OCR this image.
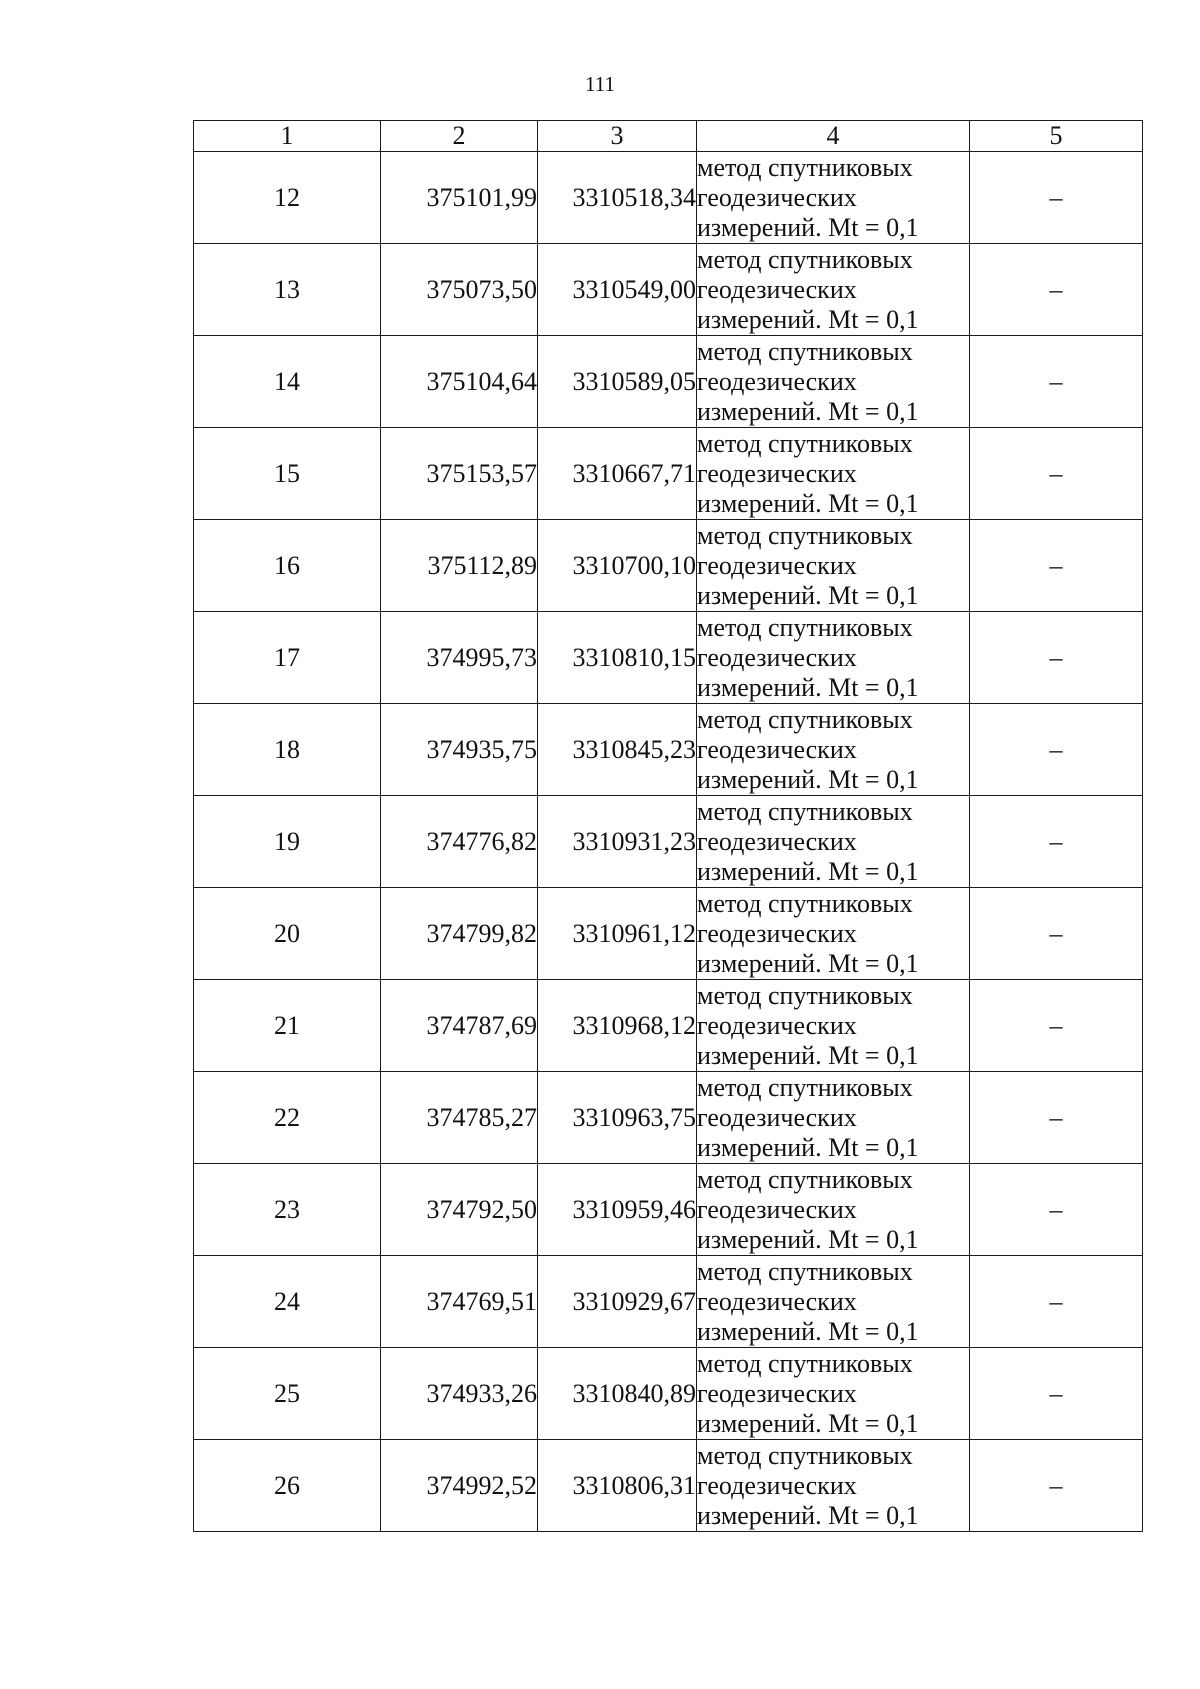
111
1	2	3	4	5
12	375101,99	3310518,34	метод спутниковых
геодезических
измерений. Mt = 0,1	–
13	375073,50	3310549,00	метод спутниковых
геодезических
измерений. Mt = 0,1	–
14	375104,64	3310589,05	метод спутниковых
геодезических
измерений. Mt = 0,1	–
15	375153,57	3310667,71	метод спутниковых
геодезических
измерений. Mt = 0,1	–
16	375112,89	3310700,10	метод спутниковых
геодезических
измерений. Mt = 0,1	–
17	374995,73	3310810,15	метод спутниковых
геодезических
измерений. Mt = 0,1	–
18	374935,75	3310845,23	метод спутниковых
геодезических
измерений. Mt = 0,1	–
19	374776,82	3310931,23	метод спутниковых
геодезических
измерений. Mt = 0,1	–
20	374799,82	3310961,12	метод спутниковых
геодезических
измерений. Mt = 0,1	–
21	374787,69	3310968,12	метод спутниковых
геодезических
измерений. Mt = 0,1	–
22	374785,27	3310963,75	метод спутниковых
геодезических
измерений. Mt = 0,1	–
23	374792,50	3310959,46	метод спутниковых
геодезических
измерений. Mt = 0,1	–
24	374769,51	3310929,67	метод спутниковых
геодезических
измерений. Mt = 0,1	–
25	374933,26	3310840,89	метод спутниковых
геодезических
измерений. Mt = 0,1	–
26	374992,52	3310806,31	метод спутниковых
геодезических
измерений. Mt = 0,1	–
